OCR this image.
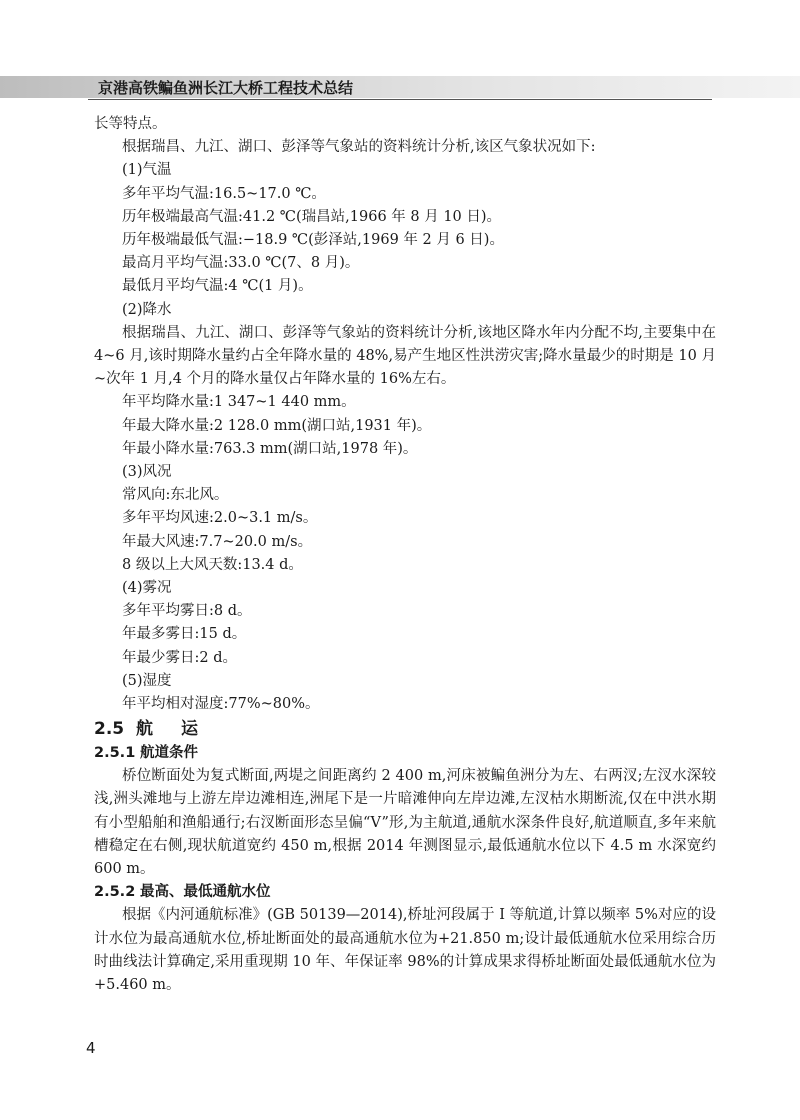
京港高铁鳊鱼洲长江大桥工程技术总结

长等特点。

根据瑞昌、九江、湖口、彭泽等气象站的资料统计分析,该区气象状况如下:

(1)气温

多年平均气温:16.5~17.0 ℃。

历年极端最高气温:41.2 ℃(瑞昌站,1966 年 8 月 10 日)。

历年极端最低气温:−18.9 ℃(彭泽站,1969 年 2 月 6 日)。

最高月平均气温:33.0 ℃(7、8 月)。

最低月平均气温:4 ℃(1 月)。

(2)降水

根据瑞昌、九江、湖口、彭泽等气象站的资料统计分析,该地区降水年内分配不均,主要集中在 4~6 月,该时期降水量约占全年降水量的 48%,易产生地区性洪涝灾害;降水量最少的时期是 10 月~次年 1 月,4 个月的降水量仅占年降水量的 16%左右。

年平均降水量:1 347~1 440 mm。

年最大降水量:2 128.0 mm(湖口站,1931 年)。

年最小降水量:763.3 mm(湖口站,1978 年)。

(3)风况

常风向:东北风。

多年平均风速:2.0~3.1 m/s。

年最大风速:7.7~20.0 m/s。

8 级以上大风天数:13.4 d。

(4)雾况

多年平均雾日:8 d。

年最多雾日:15 d。

年最少雾日:2 d。

(5)湿度

年平均相对湿度:77%~80%。

2.5 航运

2.5.1 航道条件

桥位断面处为复式断面,两堤之间距离约 2 400 m,河床被鳊鱼洲分为左、右两汊;左汊水深较浅,洲头滩地与上游左岸边滩相连,洲尾下是一片暗滩伸向左岸边滩,左汊枯水期断流,仅在中洪水期有小型船舶和渔船通行;右汊断面形态呈偏“V”形,为主航道,通航水深条件良好,航道顺直,多年来航槽稳定在右侧,现状航道宽约 450 m,根据 2014 年测图显示,最低通航水位以下 4.5 m 水深宽约 600 m。

2.5.2 最高、最低通航水位

根据《内河通航标准》(GB 50139—2014),桥址河段属于 Ⅰ 等航道,计算以频率 5%对应的设计水位为最高通航水位,桥址断面处的最高通航水位为+21.850 m;设计最低通航水位采用综合历时曲线法计算确定,采用重现期 10 年、年保证率 98%的计算成果求得桥址断面处最低通航水位为+5.460 m。

4
